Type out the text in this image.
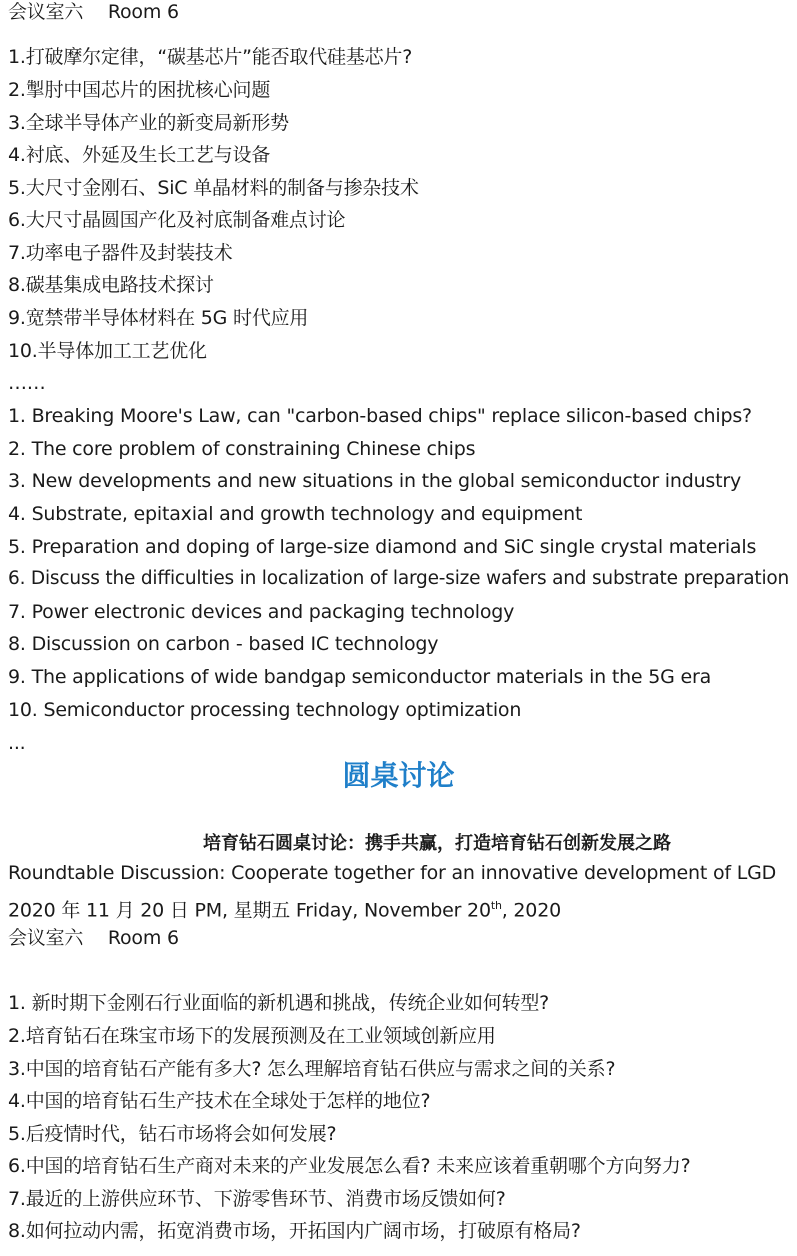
会议室六　 Room 6
1.打破摩尔定律，“碳基芯片”能否取代硅基芯片?
2.掣肘中国芯片的困扰核心问题
3.全球半导体产业的新变局新形势
4.衬底、外延及生长工艺与设备
5.大尺寸金刚石、SiC 单晶材料的制备与掺杂技术
6.大尺寸晶圆国产化及衬底制备难点讨论
7.功率电子器件及封装技术
8.碳基集成电路技术探讨
9.宽禁带半导体材料在 5G 时代应用
10.半导体加工工艺优化
……
1. Breaking Moore's Law, can "carbon-based chips" replace silicon-based chips?
2. The core problem of constraining Chinese chips
3. New developments and new situations in the global semiconductor industry
4. Substrate, epitaxial and growth technology and equipment
5. Preparation and doping of large-size diamond and SiC single crystal materials
6. Discuss the difficulties in localization of large-size wafers and substrate preparation
7. Power electronic devices and packaging technology
8. Discussion on carbon - based IC technology
9. The applications of wide bandgap semiconductor materials in the 5G era
10. Semiconductor processing technology optimization
...
圆桌讨论
培育钻石圆桌讨论：携手共赢，打造培育钻石创新发展之路
Roundtable Discussion: Cooperate together for an innovative development of LGD
2020 年 11 月 20 日 PM, 星期五 Friday, November 20th, 2020
会议室六　 Room 6
1. 新时期下金刚石行业面临的新机遇和挑战，传统企业如何转型?
2.培育钻石在珠宝市场下的发展预测及在工业领域创新应用
3.中国的培育钻石产能有多大? 怎么理解培育钻石供应与需求之间的关系?
4.中国的培育钻石生产技术在全球处于怎样的地位?
5.后疫情时代，钻石市场将会如何发展?
6.中国的培育钻石生产商对未来的产业发展怎么看? 未来应该着重朝哪个方向努力?
7.最近的上游供应环节、下游零售环节、消费市场反馈如何?
8.如何拉动内需，拓宽消费市场，开拓国内广阔市场，打破原有格局?
